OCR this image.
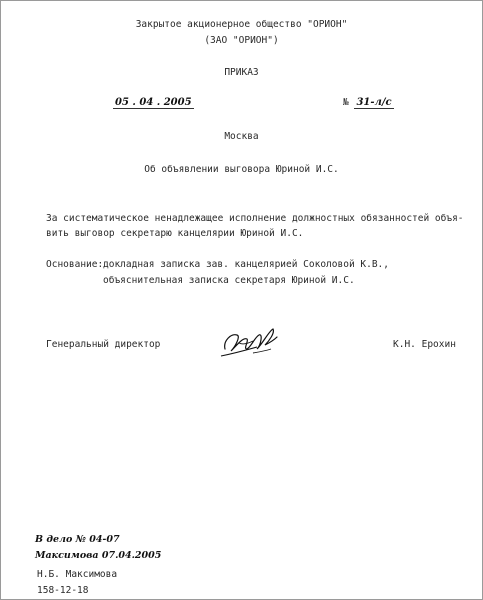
Закрытое акционерное общество "ОРИОН"
(ЗАО "ОРИОН")
ПРИКАЗ
05 . 04 . 2005	№ 31-л/с
Москва
Об объявлении выговора Юриной И.С.
За систематическое ненадлежащее исполнение должностных обязанностей объя-
вить выговор секретарю канцелярии Юриной И.С.
Основание: докладная записка зав. канцелярией Соколовой К.В.,
объяснительная записка секретаря Юриной И.С.
Генеральный директор	К.Н. Ерохин
В дело № 04-07
Максимова 07.04.2005
Н.Б. Максимова
158-12-18
